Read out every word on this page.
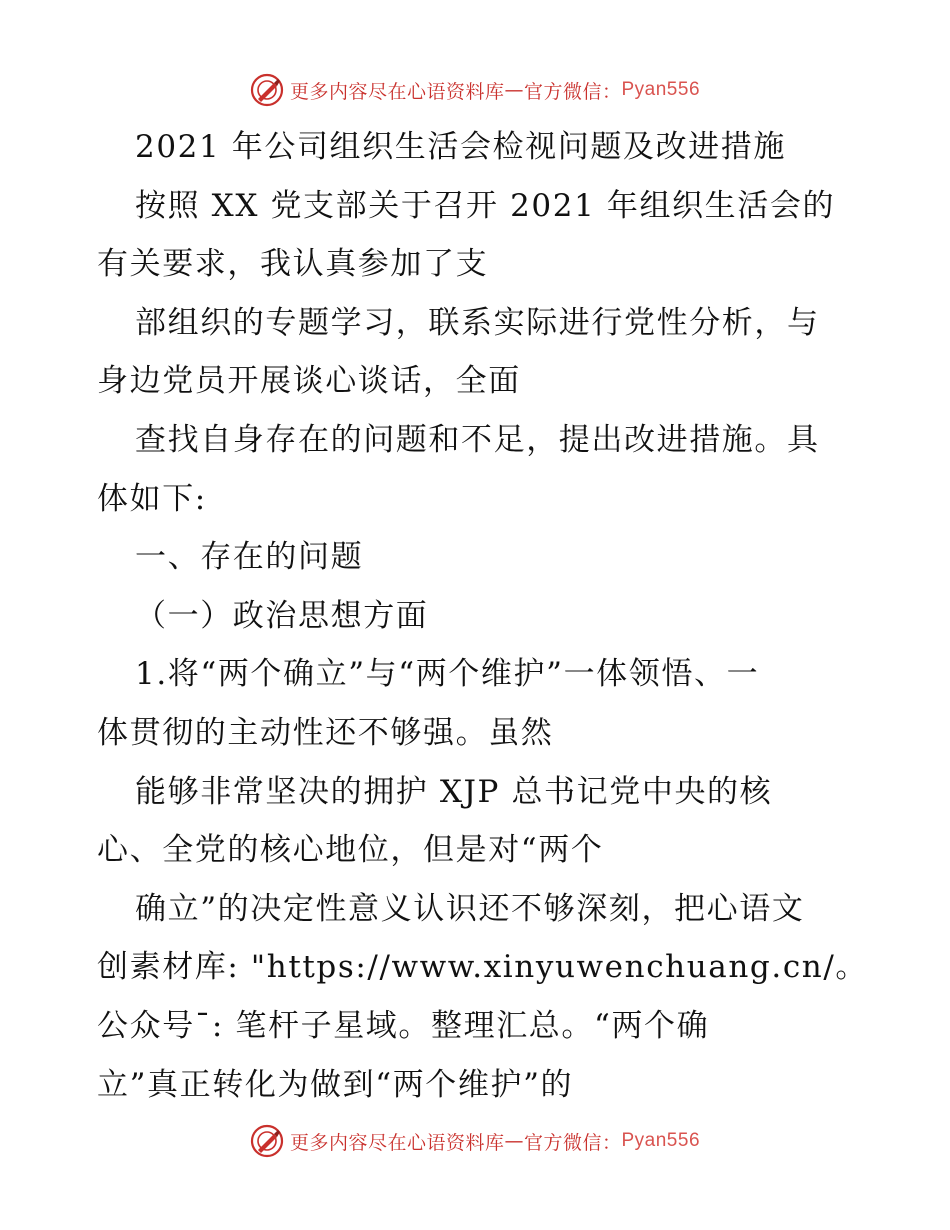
更多内容尽在心语资料库 — 官方微信： Pyan556
2021 年公司组织生活会检视问题及改进措施
按照 XX 党支部关于召开 2021 年组织生活会的
有关要求，我认真参加了支
部组织的专题学习，联系实际进行党性分析，与
身边党员开展谈心谈话，全面
查找自身存在的问题和不足，提出改进措施。具
体如下:
一、存在的问题
（一）政治思想方面
1.将“两个确立”与“两个维护”一体领悟、一
体贯彻的主动性还不够强。虽然
能够非常坚决的拥护 XJP 总书记党中央的核
心、全党的核心地位，但是对“两个
确立”的决定性意义认识还不够深刻，把心语文
创素材库: "https://www.xinyuwenchuang.cn/。
公众号¯: 笔杆子星域。整理汇总。“两个确
立”真正转化为做到“两个维护”的
更多内容尽在心语资料库 — 官方微信： Pyan556
